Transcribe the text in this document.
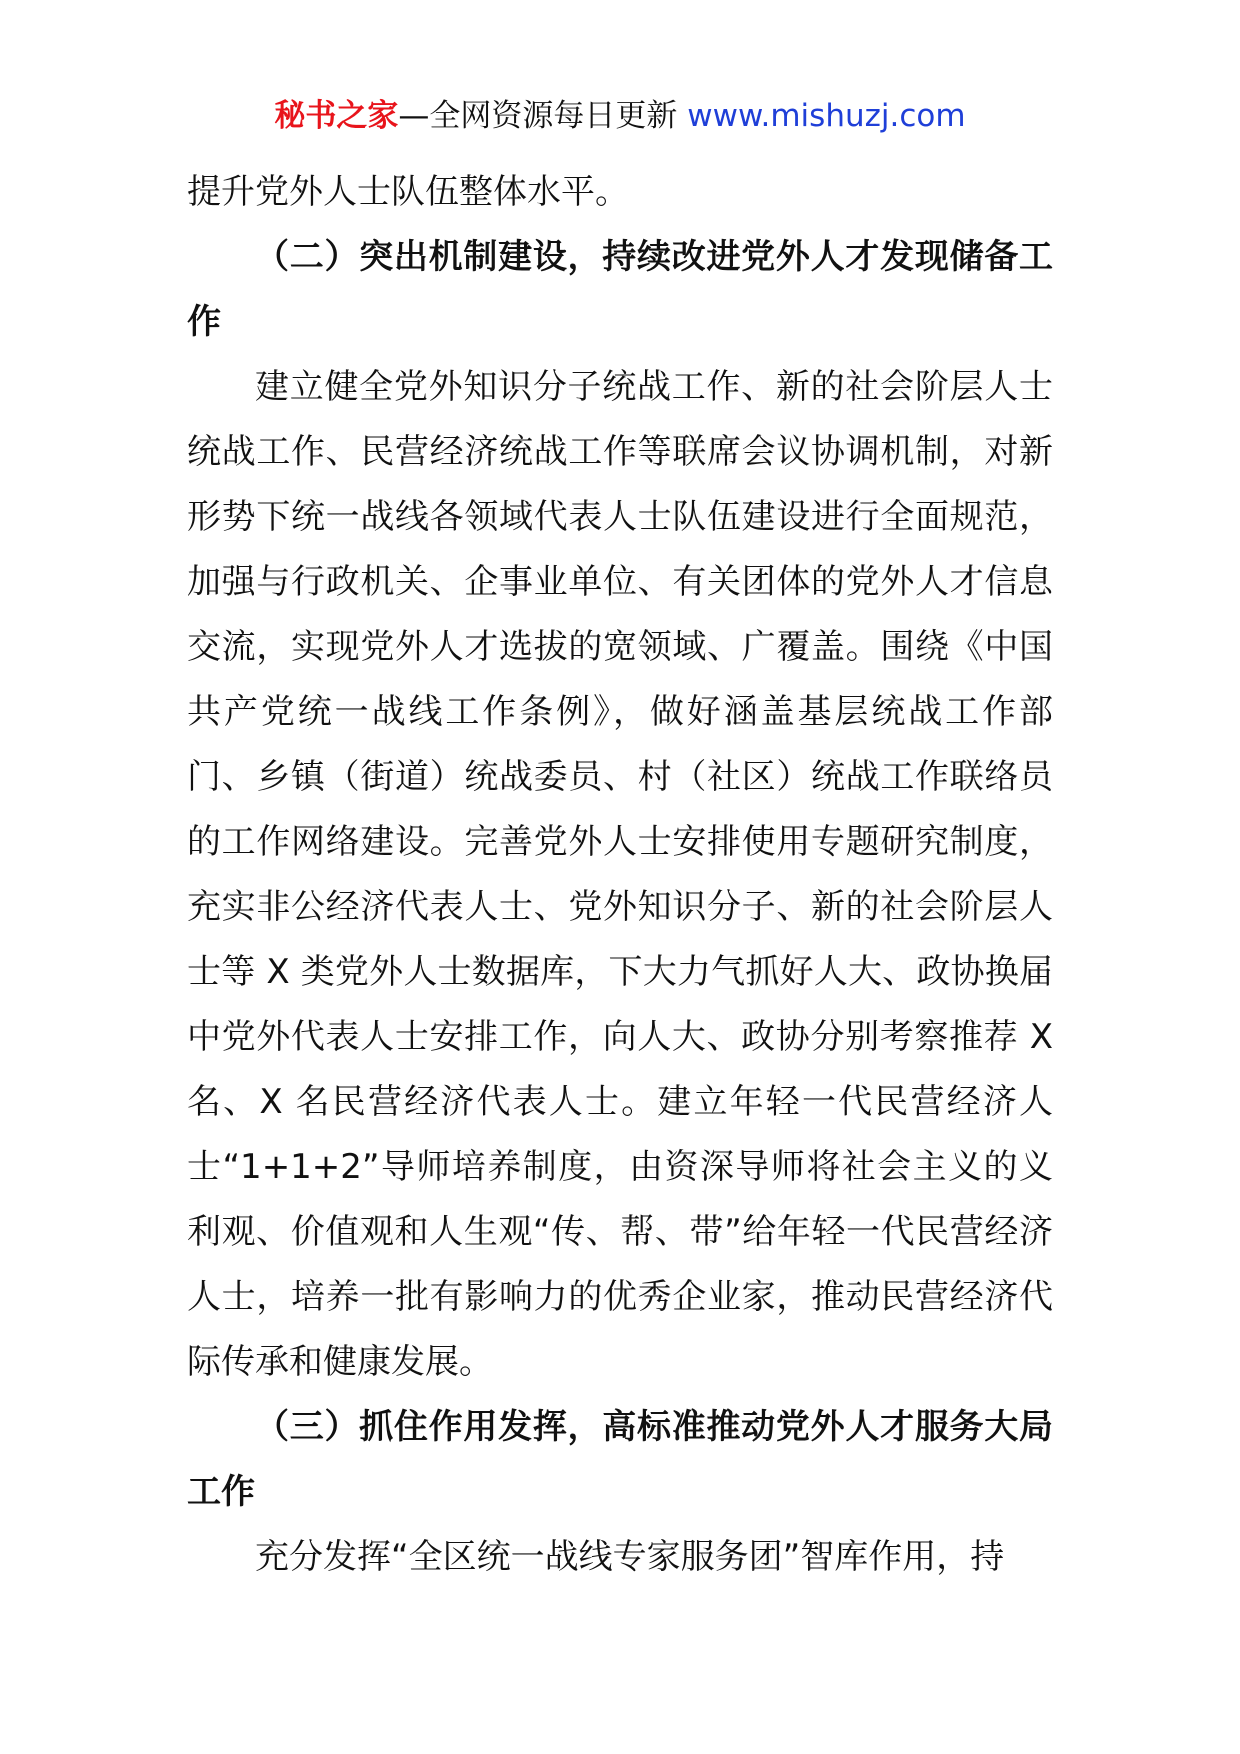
秘书之家—全网资源每日更新 www.mishuzj.com

提升党外人士队伍整体水平。

（二）突出机制建设，持续改进党外人才发现储备工作

建立健全党外知识分子统战工作、新的社会阶层人士统战工作、民营经济统战工作等联席会议协调机制，对新形势下统一战线各领域代表人士队伍建设进行全面规范，加强与行政机关、企事业单位、有关团体的党外人才信息交流，实现党外人才选拔的宽领域、广覆盖。围绕《中国共产党统一战线工作条例》，做好涵盖基层统战工作部门、乡镇（街道）统战委员、村（社区）统战工作联络员的工作网络建设。完善党外人士安排使用专题研究制度，充实非公经济代表人士、党外知识分子、新的社会阶层人士等 X 类党外人士数据库，下大力气抓好人大、政协换届中党外代表人士安排工作，向人大、政协分别考察推荐 X 名、X 名民营经济代表人士。建立年轻一代民营经济人士“1+1+2”导师培养制度，由资深导师将社会主义的义利观、价值观和人生观“传、帮、带”给年轻一代民营经济人士，培养一批有影响力的优秀企业家，推动民营经济代际传承和健康发展。

（三）抓住作用发挥，高标准推动党外人才服务大局工作

充分发挥“全区统一战线专家服务团”智库作用，持
